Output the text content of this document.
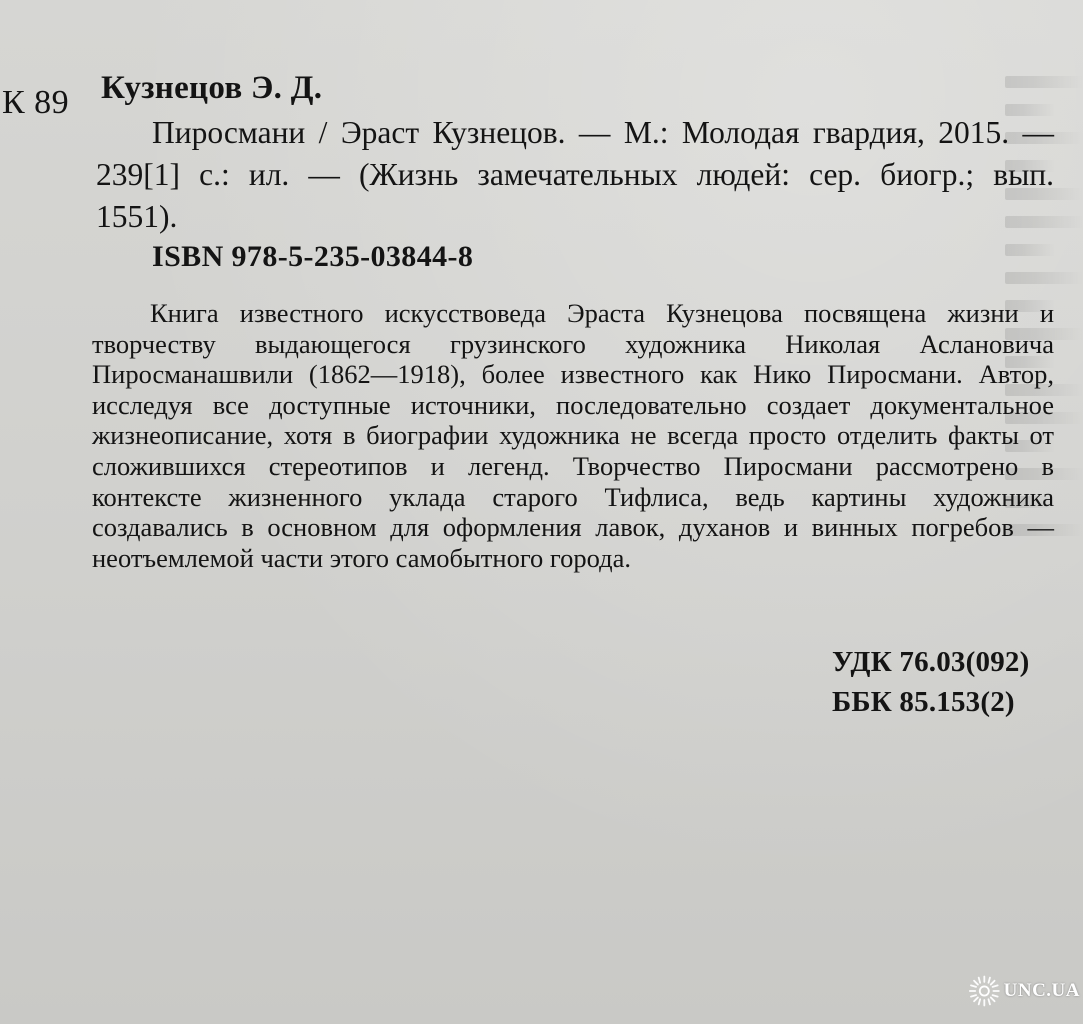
К 89 Кузнецов Э. Д.
Пиросмани / Эраст Кузнецов. — М.: Молодая гвардия, 2015. — 239[1] с.: ил. — (Жизнь замечательных людей: сер. биогр.; вып. 1551).
ISBN 978-5-235-03844-8
Книга известного искусствоведа Эраста Кузнецова посвящена жизни и творчеству выдающегося грузинского художника Николая Аслановича Пиросманашвили (1862—1918), более известного как Нико Пиросмани. Автор, исследуя все доступные источники, последовательно создает документальное жизнеописание, хотя в биографии художника не всегда просто отделить факты от сложившихся стереотипов и легенд. Творчество Пиросмани рассмотрено в контексте жизненного уклада старого Тифлиса, ведь картины художника создавались в основном для оформления лавок, духанов и винных погребов — неотъемлемой части этого самобытного города.
УДК 76.03(092)
ББК 85.153(2)
UNC.UA
